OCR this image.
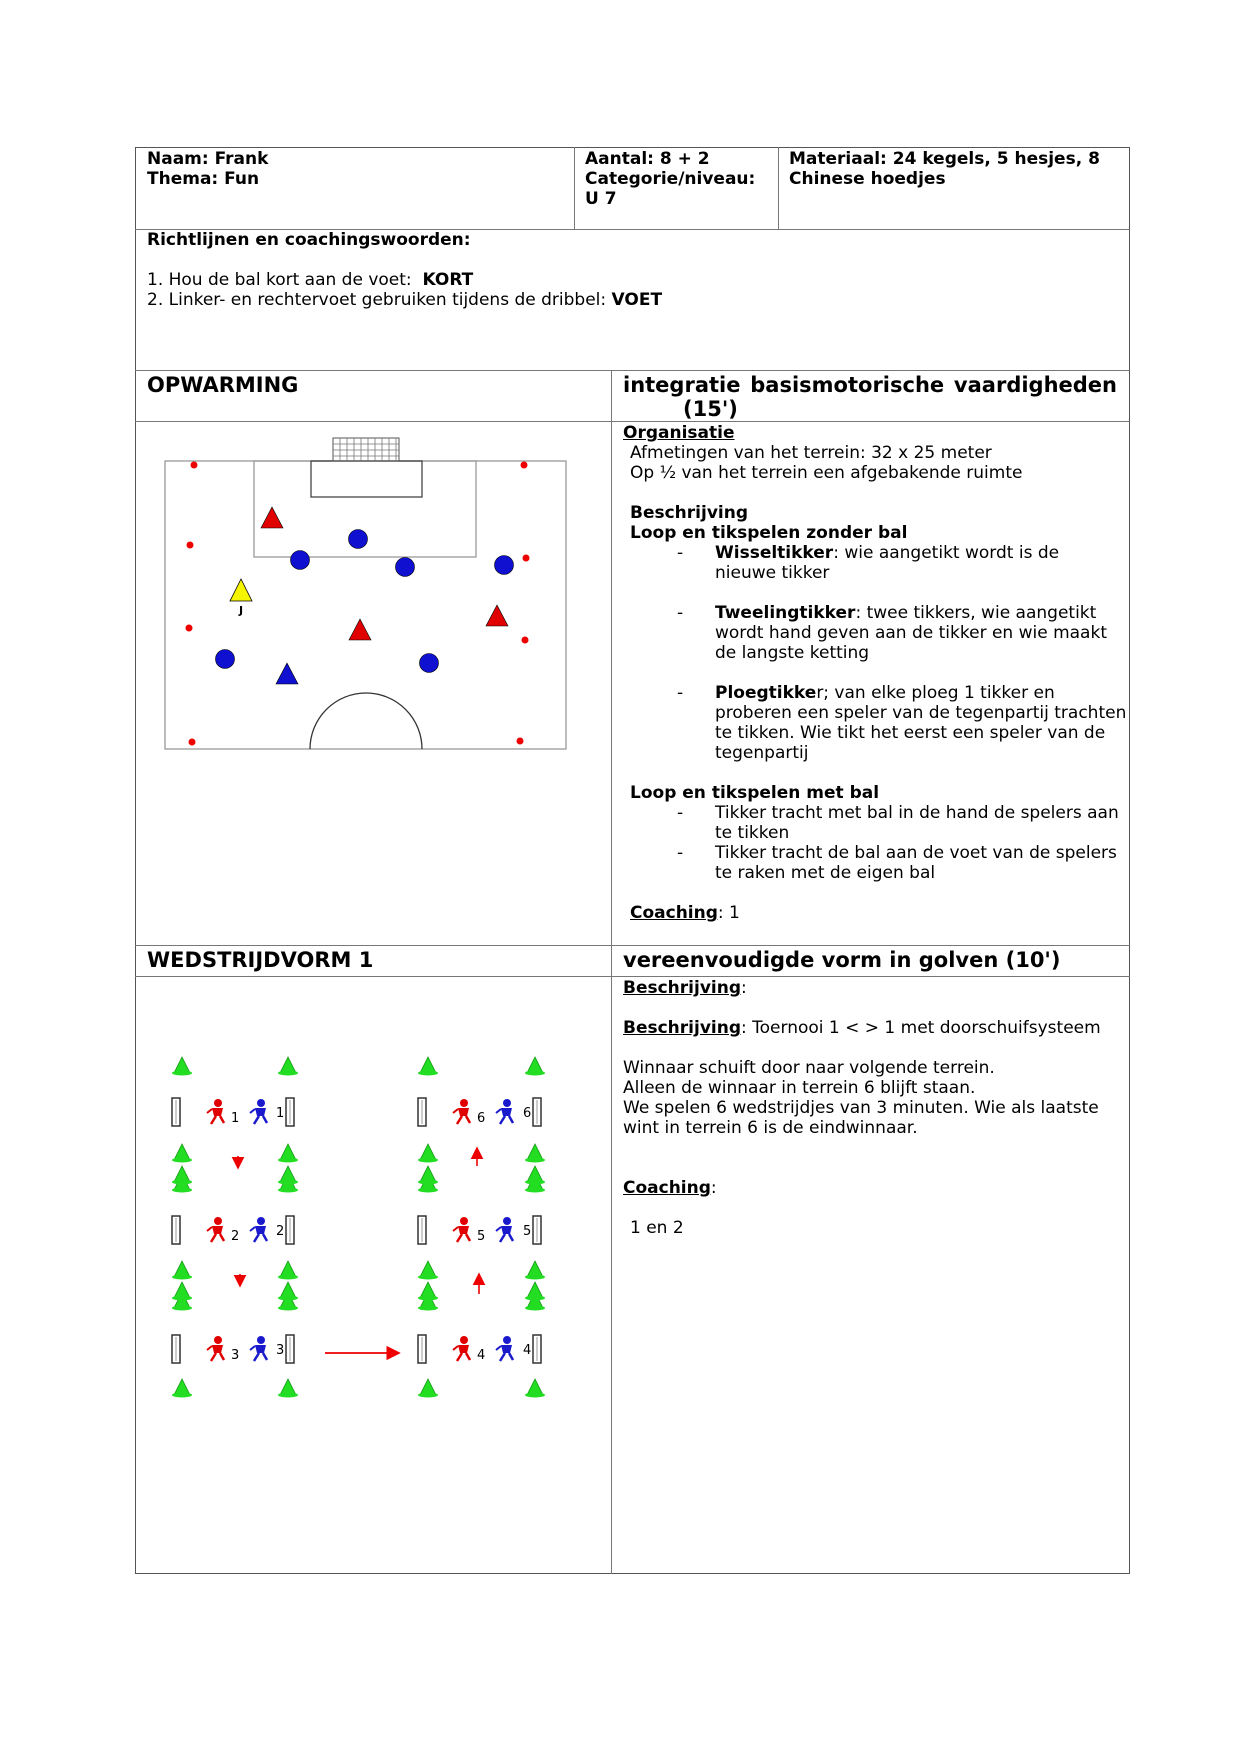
Naam: Frank
Thema: Fun
Aantal: 8 + 2
Categorie/niveau:
U 7
Materiaal: 24 kegels, 5 hesjes, 8
Chinese hoedjes
Richtlijnen en coachingswoorden:
1. Hou de bal kort aan de voet: KORT
2. Linker- en rechtervoet gebruiken tijdens de dribbel: VOET
OPWARMING	integratie basismotorische vaardigheden
(15')
J
Organisatie
Afmetingen van het terrein: 32 x 25 meter
Op ½ van het terrein een afgebakende ruimte
Beschrijving
Loop en tikspelen zonder bal
- Wisseltikker: wie aangetikt wordt is de
nieuwe tikker
- Tweelingtikker: twee tikkers, wie aangetikt
wordt hand geven aan de tikker en wie maakt
de langste ketting
- Ploegtikker; van elke ploeg 1 tikker en
proberen een speler van de tegenpartij trachten
te tikken. Wie tikt het eerst een speler van de
tegenpartij
Loop en tikspelen met bal
- Tikker tracht met bal in de hand de spelers aan
te tikken
- Tikker tracht de bal aan de voet van de spelers
te raken met de eigen bal
Coaching: 1
WEDSTRIJDVORM 1	vereenvoudigde vorm in golven (10')
Beschrijving:
Beschrijving: Toernooi 1 < > 1 met doorschuifsysteem
Winnaar schuift door naar volgende terrein.
Alleen de winnaar in terrein 6 blijft staan.
We spelen 6 wedstrijdjes van 3 minuten. Wie als laatste
wint in terrein 6 is de eindwinnaar.
Coaching:
1 en 2
1	1
2	2
3	3
6	6
5	5
4	4
